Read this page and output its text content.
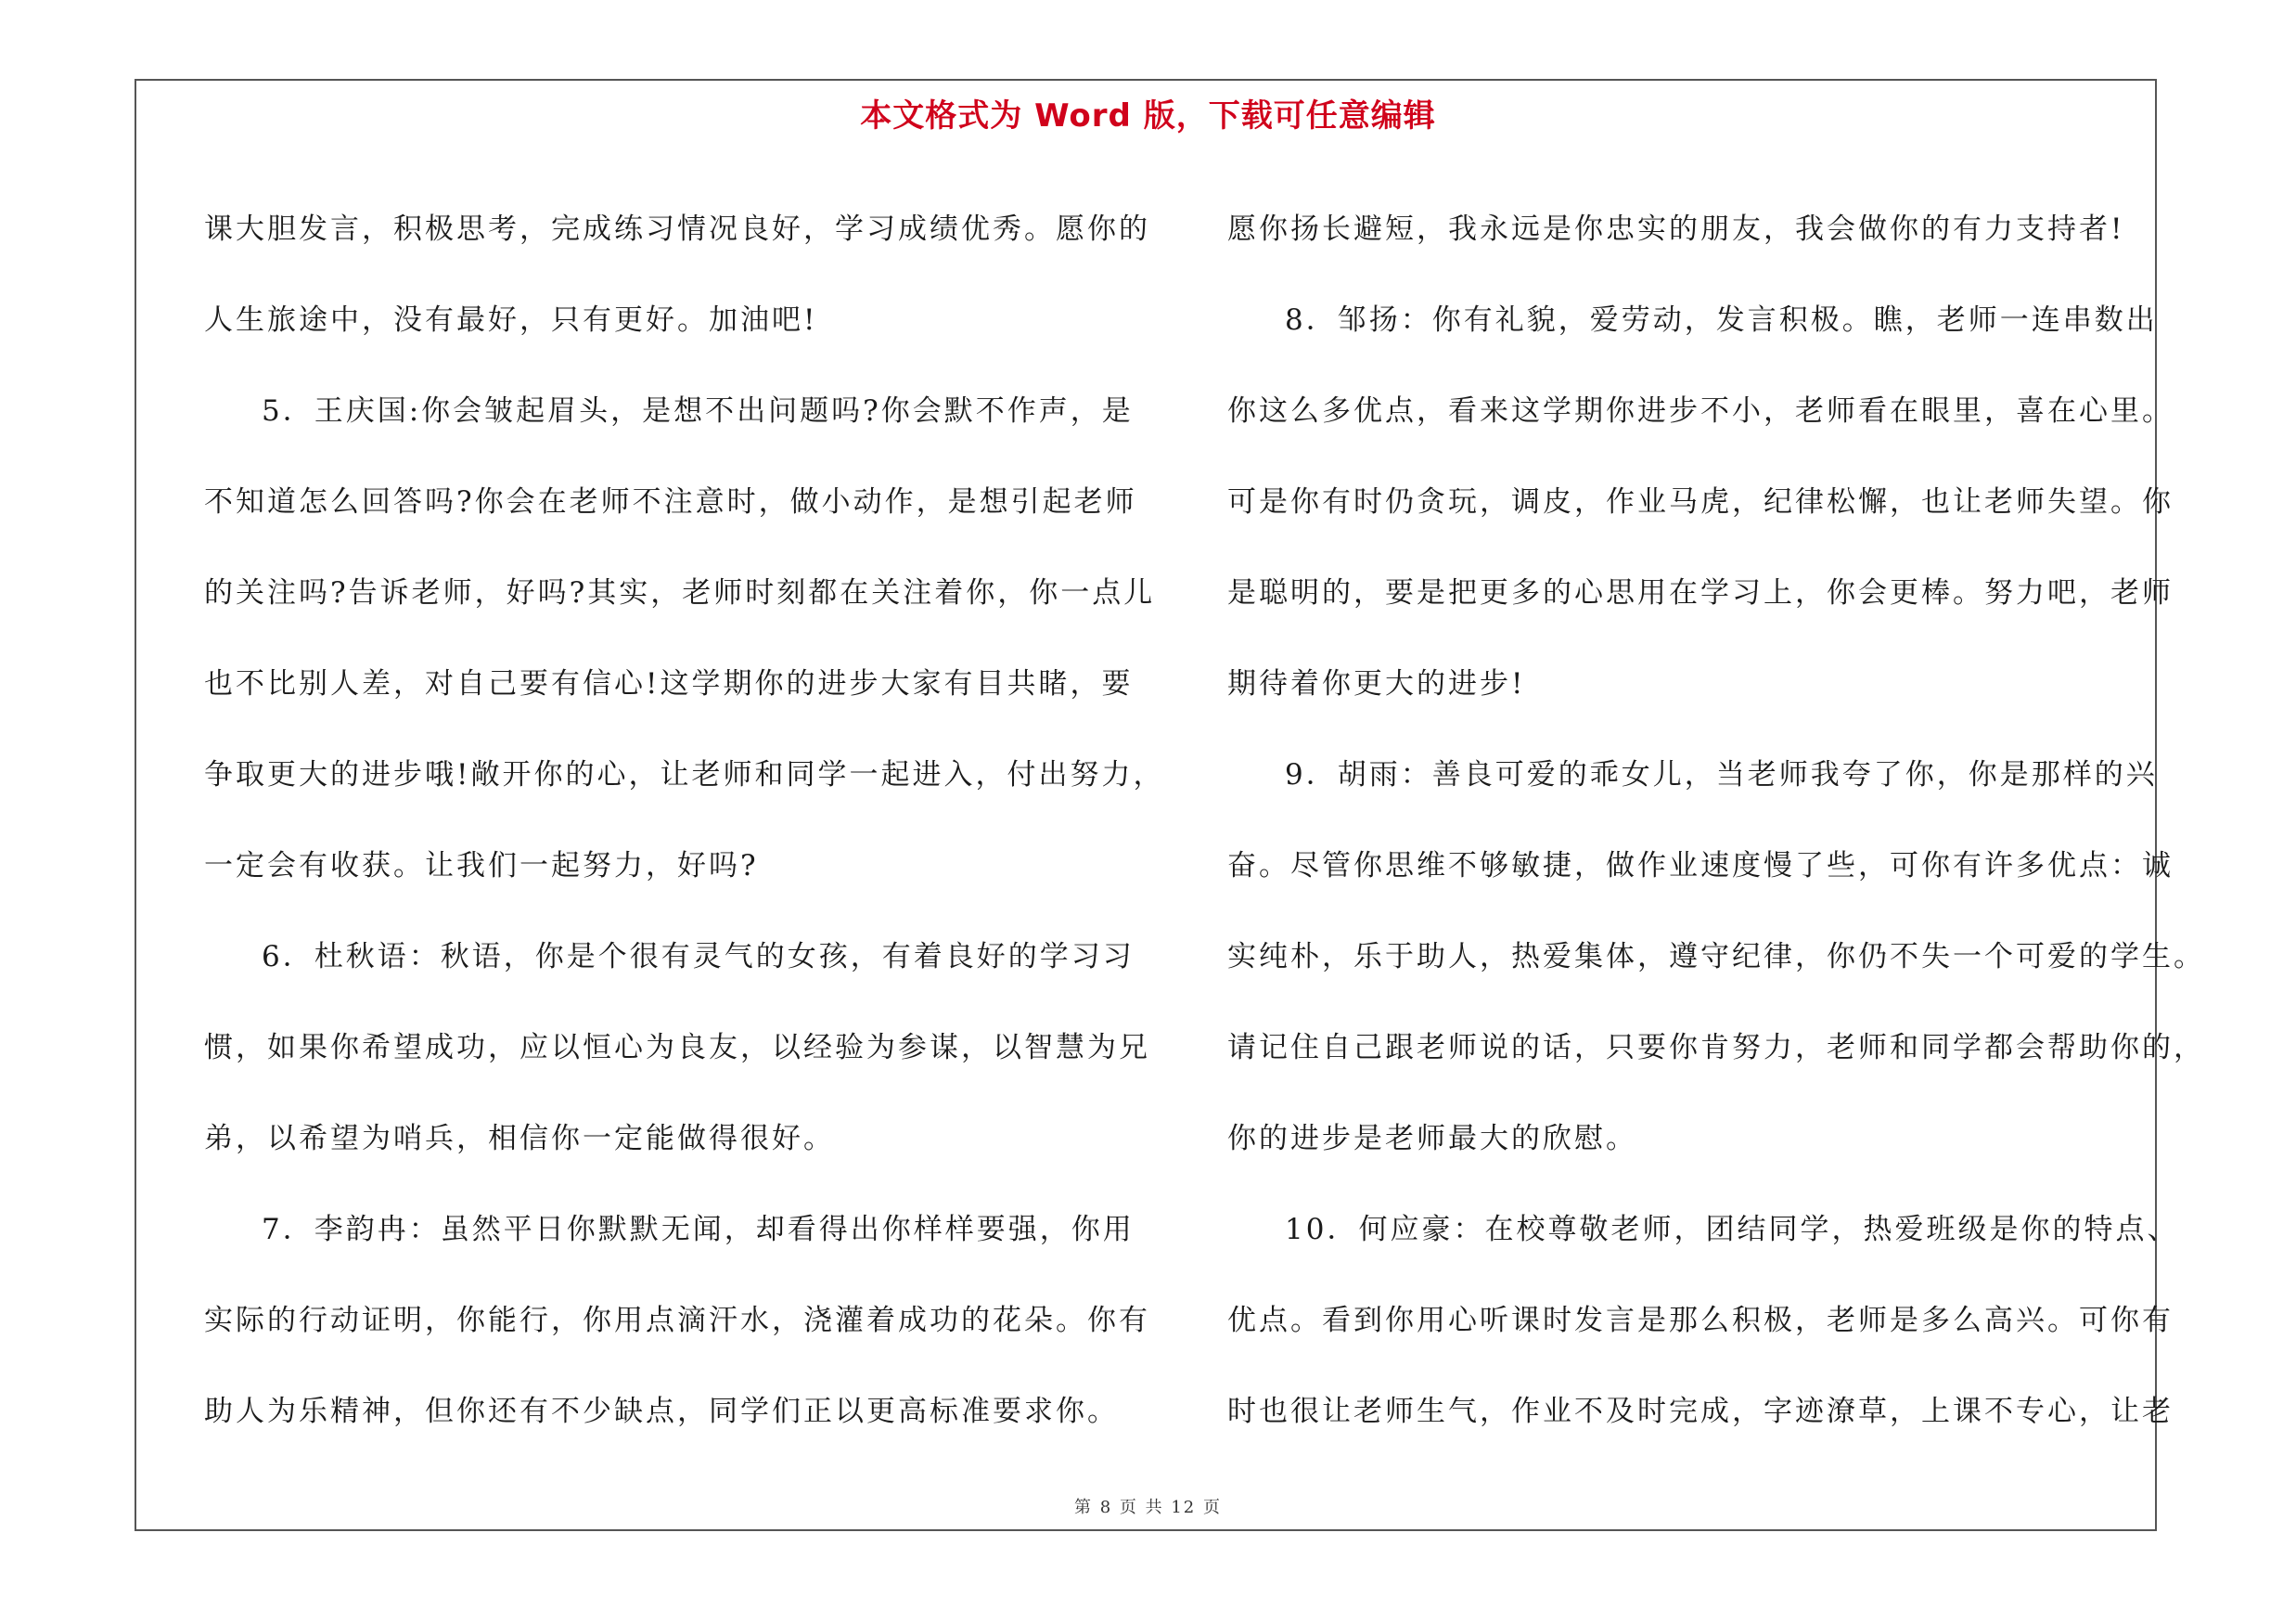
本文格式为 Word 版，下载可任意编辑
课大胆发言，积极思考，完成练习情况良好，学习成绩优秀。愿你的
人生旅途中，没有最好，只有更好。加油吧!
5．王庆国:你会皱起眉头，是想不出问题吗?你会默不作声，是
不知道怎么回答吗?你会在老师不注意时，做小动作，是想引起老师
的关注吗?告诉老师，好吗?其实，老师时刻都在关注着你，你一点儿
也不比别人差，对自己要有信心!这学期你的进步大家有目共睹，要
争取更大的进步哦!敞开你的心，让老师和同学一起进入，付出努力，
一定会有收获。让我们一起努力，好吗?
6．杜秋语：秋语，你是个很有灵气的女孩，有着良好的学习习
惯，如果你希望成功，应以恒心为良友，以经验为参谋，以智慧为兄
弟，以希望为哨兵，相信你一定能做得很好。
7．李韵冉：虽然平日你默默无闻，却看得出你样样要强，你用
实际的行动证明，你能行，你用点滴汗水，浇灌着成功的花朵。你有
助人为乐精神，但你还有不少缺点，同学们正以更高标准要求你。
愿你扬长避短，我永远是你忠实的朋友，我会做你的有力支持者!
8．邹扬：你有礼貌，爱劳动，发言积极。瞧，老师一连串数出
你这么多优点，看来这学期你进步不小，老师看在眼里，喜在心里。
可是你有时仍贪玩，调皮，作业马虎，纪律松懈，也让老师失望。你
是聪明的，要是把更多的心思用在学习上，你会更棒。努力吧，老师
期待着你更大的进步!
9．胡雨：善良可爱的乖女儿，当老师我夸了你，你是那样的兴
奋。尽管你思维不够敏捷，做作业速度慢了些，可你有许多优点：诚
实纯朴，乐于助人，热爱集体，遵守纪律，你仍不失一个可爱的学生。
请记住自己跟老师说的话，只要你肯努力，老师和同学都会帮助你的，
你的进步是老师最大的欣慰。
10．何应豪：在校尊敬老师，团结同学，热爱班级是你的特点、
优点。看到你用心听课时发言是那么积极，老师是多么高兴。可你有
时也很让老师生气，作业不及时完成，字迹潦草，上课不专心，让老
第 8 页 共 12 页
